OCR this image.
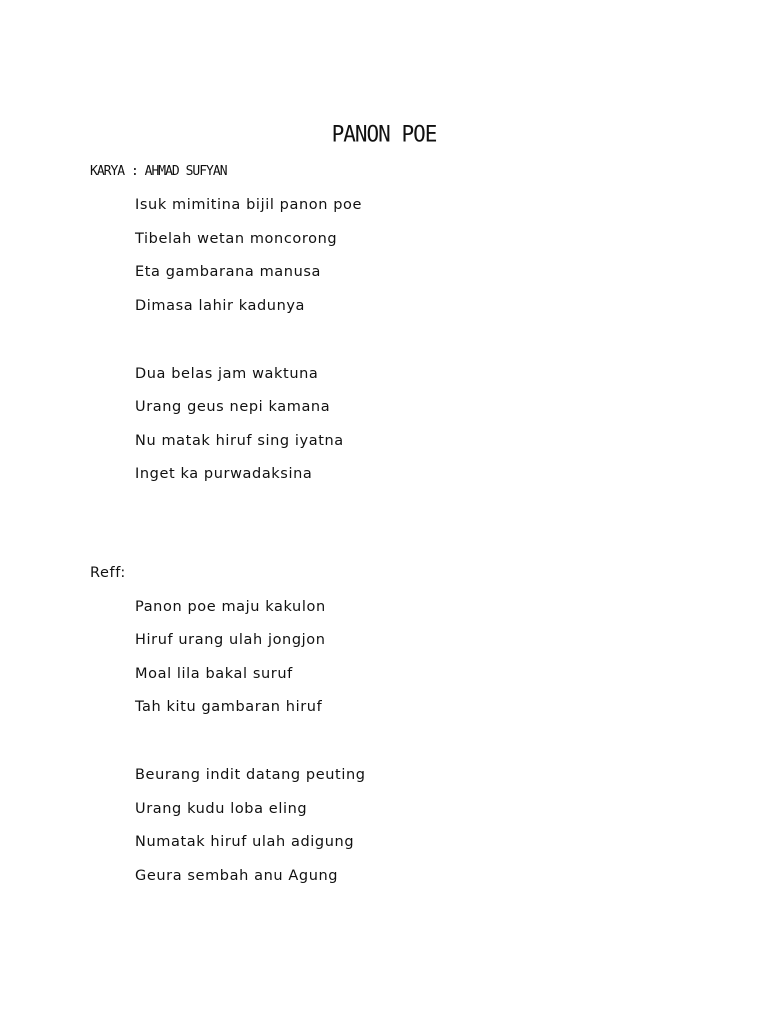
PANON POE
KARYA : AHMAD SUFYAN
Isuk mimitina bijil panon poe
Tibelah wetan moncorong
Eta gambarana manusa
Dimasa lahir kadunya
Dua belas jam waktuna
Urang geus nepi kamana
Nu matak hiruf sing iyatna
Inget ka purwadaksina
Reff:
Panon poe maju kakulon
Hiruf urang ulah jongjon
Moal lila bakal suruf
Tah kitu gambaran hiruf
Beurang indit datang peuting
Urang kudu loba eling
Numatak hiruf ulah adigung
Geura sembah anu Agung
